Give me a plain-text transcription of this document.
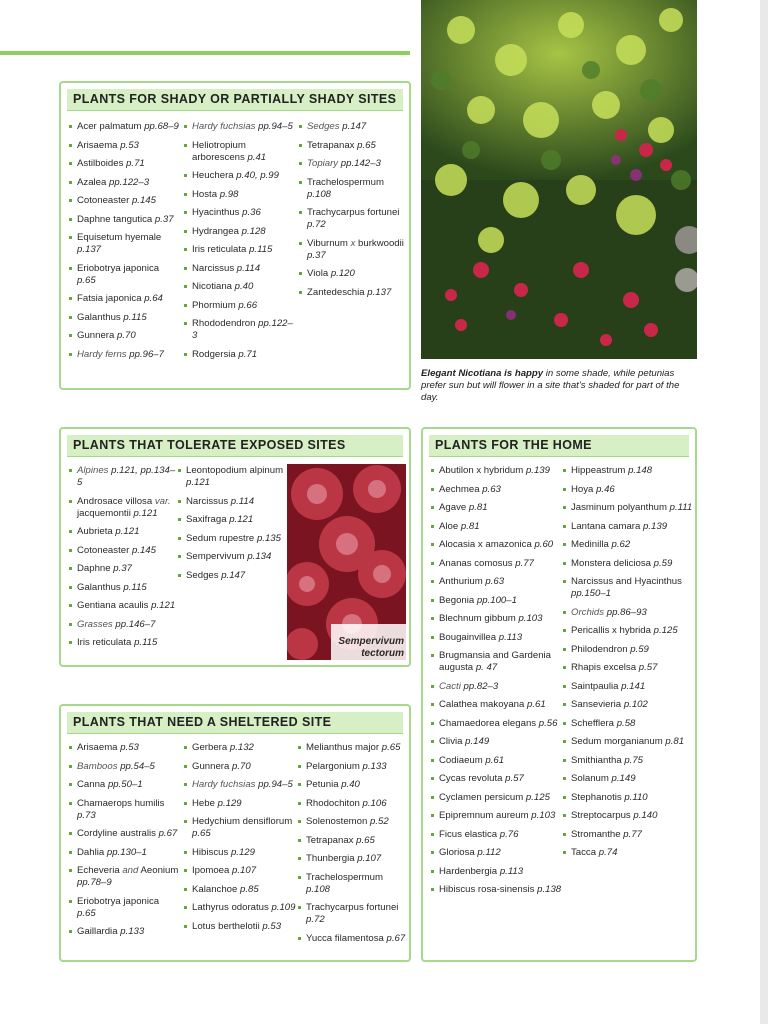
PLANTS FOR SHADY OR PARTIALLY SHADY SITES
Acer palmatum pp.68–9
Arisaema p.53
Astilboides p.71
Azalea pp.122–3
Cotoneaster p.145
Daphne tangutica p.37
Equisetum hyemale p.137
Eriobotrya japonica p.65
Fatsia japonica p.64
Galanthus p.115
Gunnera p.70
Hardy ferns pp.96–7
Hardy fuchsias pp.94–5
Heliotropium arborescens p.41
Heuchera p.40, p.99
Hosta p.98
Hyacinthus p.36
Hydrangea p.128
Iris reticulata p.115
Narcissus p.114
Nicotiana p.40
Phormium p.66
Rhododendron pp.122–3
Rodgersia p.71
Sedges p.147
Tetrapanax p.65
Topiary pp.142–3
Trachelospermum p.108
Trachycarpus fortunei p.72
Viburnum x burkwoodii p.37
Viola p.120
Zantedeschia p.137
Elegant Nicotiana is happy in some shade, while petunias prefer sun but will flower in a site that’s shaded for part of the day.
PLANTS THAT TOLERATE EXPOSED SITES
Alpines p.121, pp.134–5
Androsace villosa var. jacquemontii p.121
Aubrieta p.121
Cotoneaster p.145
Daphne p.37
Galanthus p.115
Gentiana acaulis p.121
Grasses pp.146–7
Iris reticulata p.115
Leontopodium alpinum p.121
Narcissus p.114
Saxifraga p.121
Sedum rupestre p.135
Sempervivum p.134
Sedges p.147
Sempervivum
tectorum
PLANTS THAT NEED A SHELTERED SITE
Arisaema p.53
Bamboos pp.54–5
Canna pp.50–1
Chamaerops humilis p.73
Cordyline australis p.67
Dahlia pp.130–1
Echeveria and Aeonium pp.78–9
Eriobotrya japonica p.65
Gaillardia p.133
Gerbera p.132
Gunnera p.70
Hardy fuchsias pp.94–5
Hebe p.129
Hedychium densiflorum p.65
Hibiscus p.129
Ipomoea p.107
Kalanchoe p.85
Lathyrus odoratus p.109
Lotus berthelotii p.53
Melianthus major p.65
Pelargonium p.133
Petunia p.40
Rhodochiton p.106
Solenostemon p.52
Tetrapanax p.65
Thunbergia p.107
Trachelospermum p.108
Trachycarpus fortunei p.72
Yucca filamentosa p.67
PLANTS FOR THE HOME
Abutilon x hybridum p.139
Aechmea p.63
Agave p.81
Aloe p.81
Alocasia x amazonica p.60
Ananas comosus p.77
Anthurium p.63
Begonia pp.100–1
Blechnum gibbum p.103
Bougainvillea p.113
Brugmansia and Gardenia augusta p. 47
Cacti pp.82–3
Calathea makoyana p.61
Chamaedorea elegans p.56
Clivia p.149
Codiaeum p.61
Cycas revoluta p.57
Cyclamen persicum p.125
Epipremnum aureum p.103
Ficus elastica p.76
Gloriosa p.112
Hardenbergia p.113
Hibiscus rosa-sinensis p.138
Hippeastrum p.148
Hoya p.46
Jasminum polyanthum p.111
Lantana camara p.139
Medinilla p.62
Monstera deliciosa p.59
Narcissus and Hyacinthus pp.150–1
Orchids pp.86–93
Pericallis x hybrida p.125
Philodendron p.59
Rhapis excelsa p.57
Saintpaulia p.141
Sansevieria p.102
Schefflera p.58
Sedum morganianum p.81
Smithiantha p.75
Solanum p.149
Stephanotis p.110
Streptocarpus p.140
Stromanthe p.77
Tacca p.74
